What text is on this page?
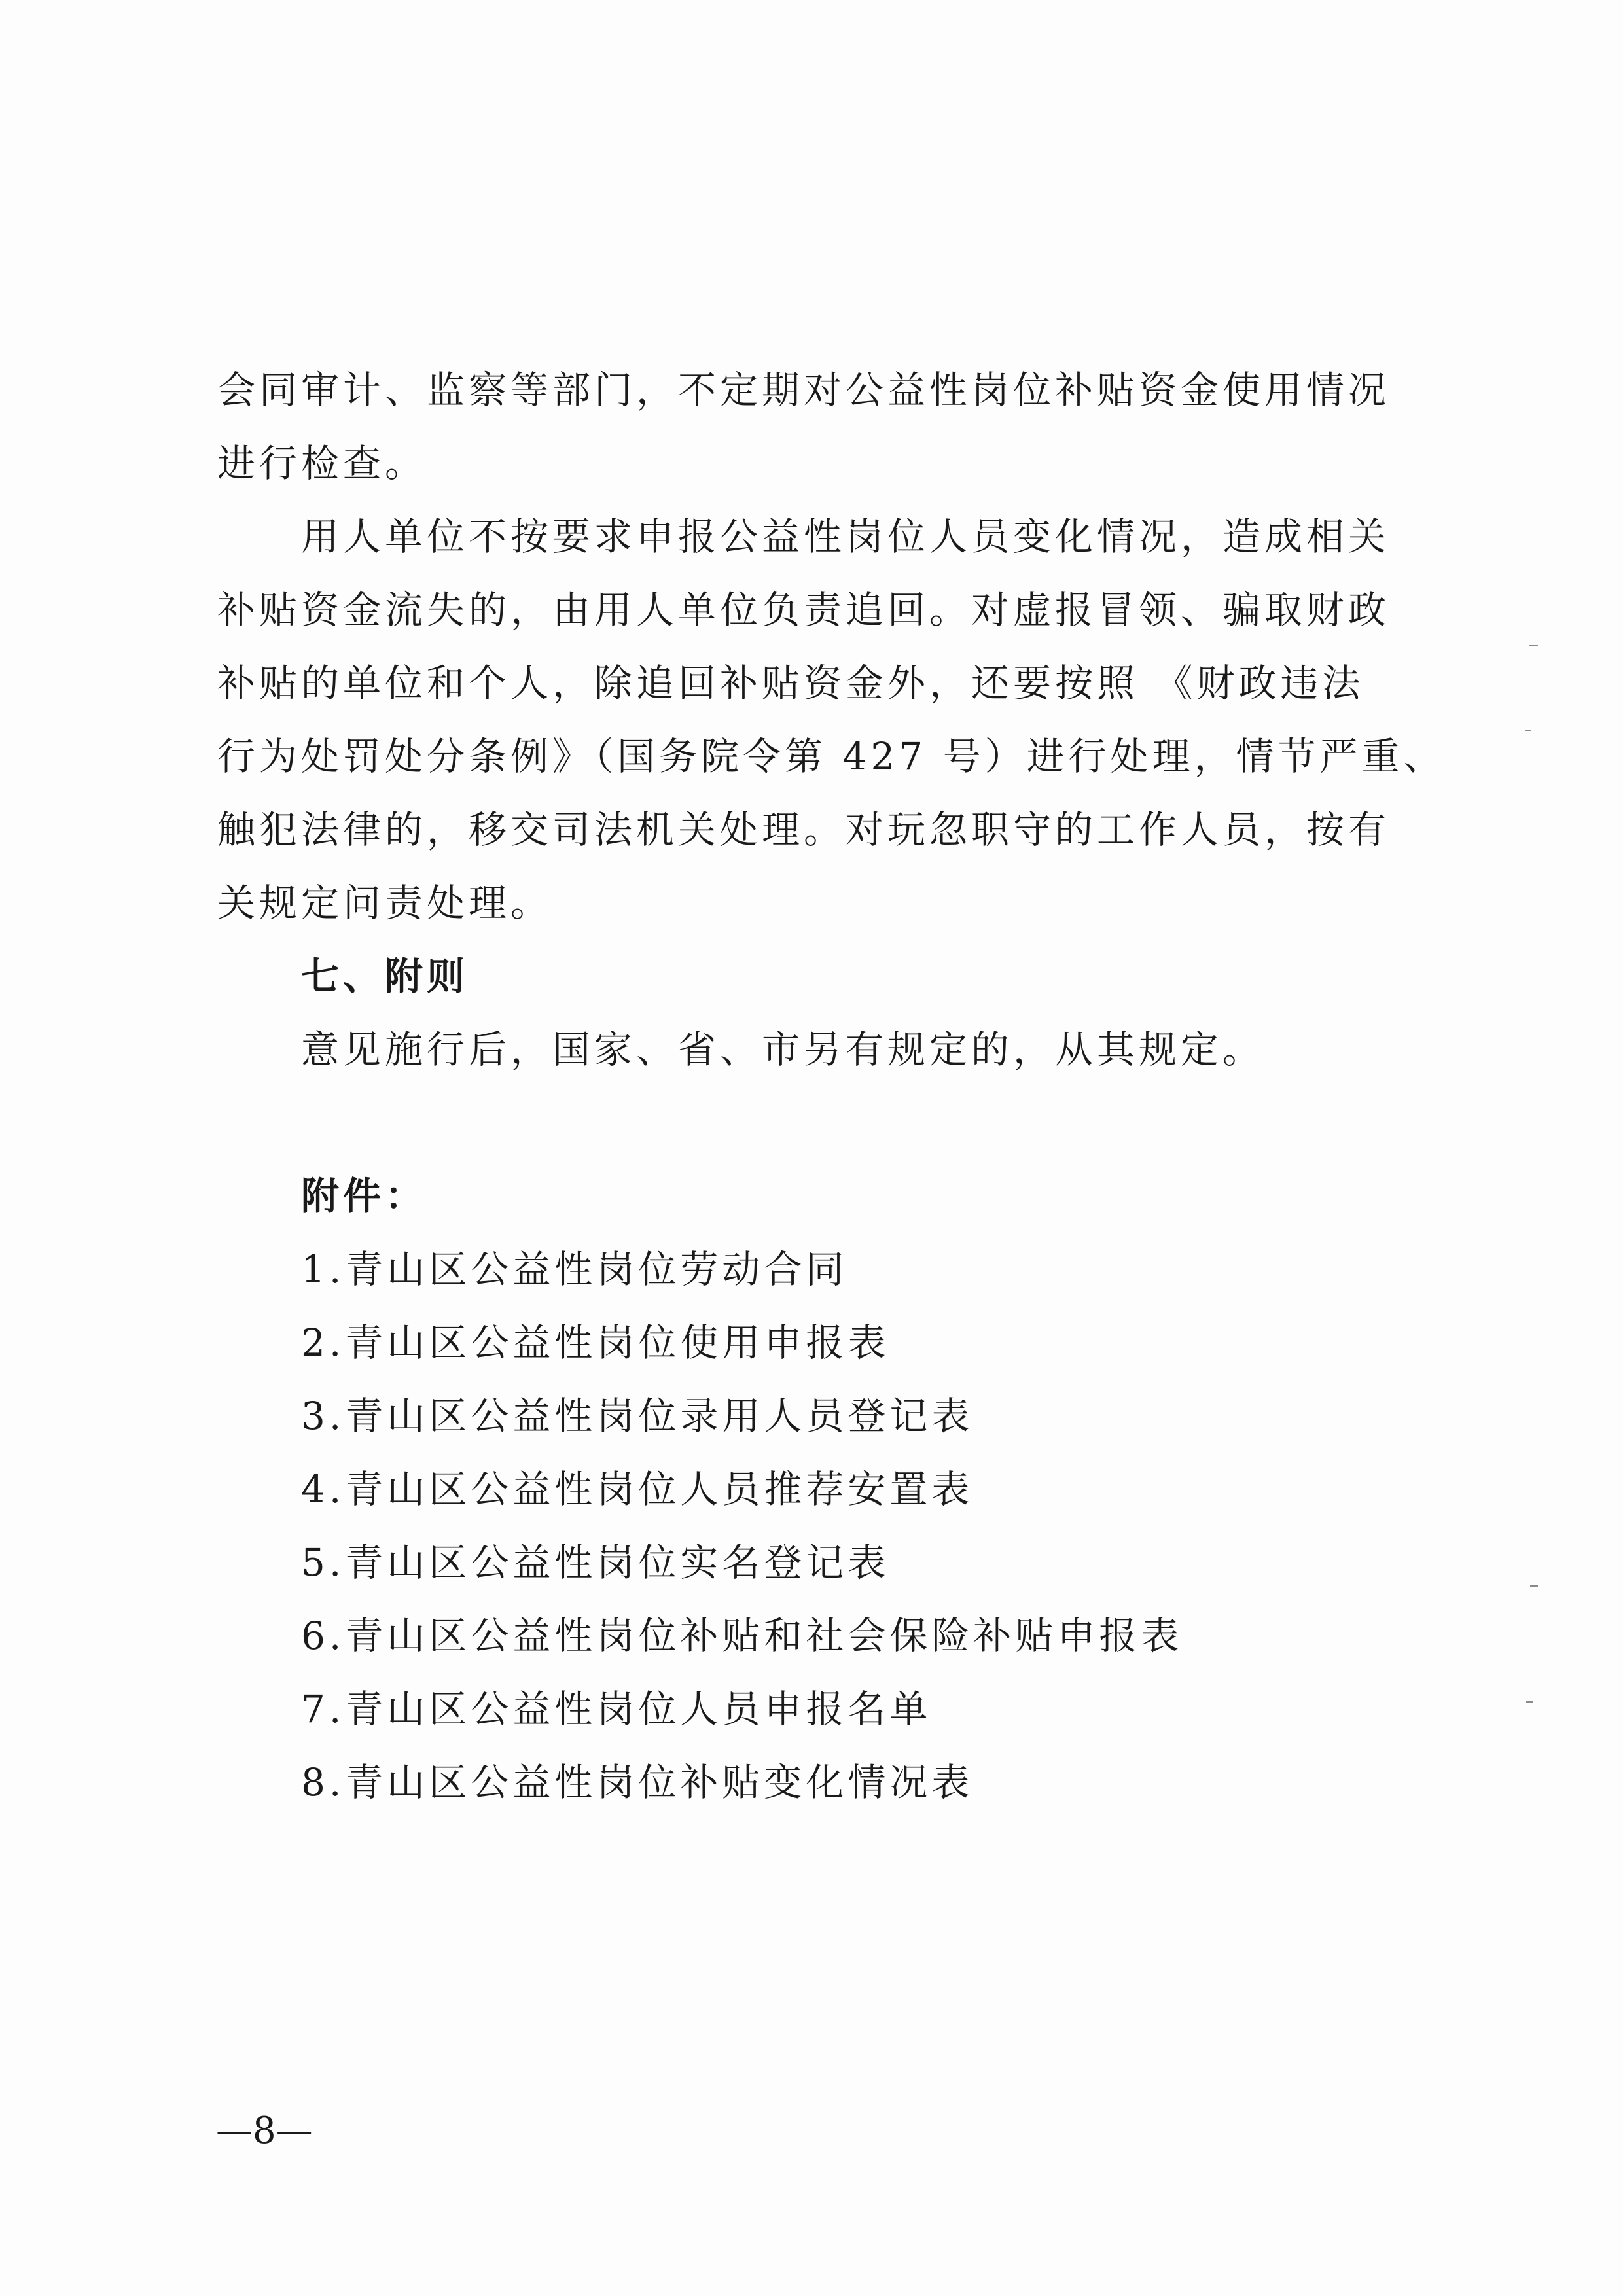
会同审计、监察等部门，不定期对公益性岗位补贴资金使用情况
进行检查。
用人单位不按要求申报公益性岗位人员变化情况，造成相关
补贴资金流失的，由用人单位负责追回。对虚报冒领、骗取财政
补贴的单位和个人，除追回补贴资金外，还要按照 《财政违法
行为处罚处分条例》（国务院令第 427 号）进行处理，情节严重、
触犯法律的，移交司法机关处理。对玩忽职守的工作人员，按有
关规定问责处理。
七、附则
意见施行后，国家、省、市另有规定的，从其规定。
附件：
1.青山区公益性岗位劳动合同
2.青山区公益性岗位使用申报表
3.青山区公益性岗位录用人员登记表
4.青山区公益性岗位人员推荐安置表
5.青山区公益性岗位实名登记表
6.青山区公益性岗位补贴和社会保险补贴申报表
7.青山区公益性岗位人员申报名单
8.青山区公益性岗位补贴变化情况表
—8—
